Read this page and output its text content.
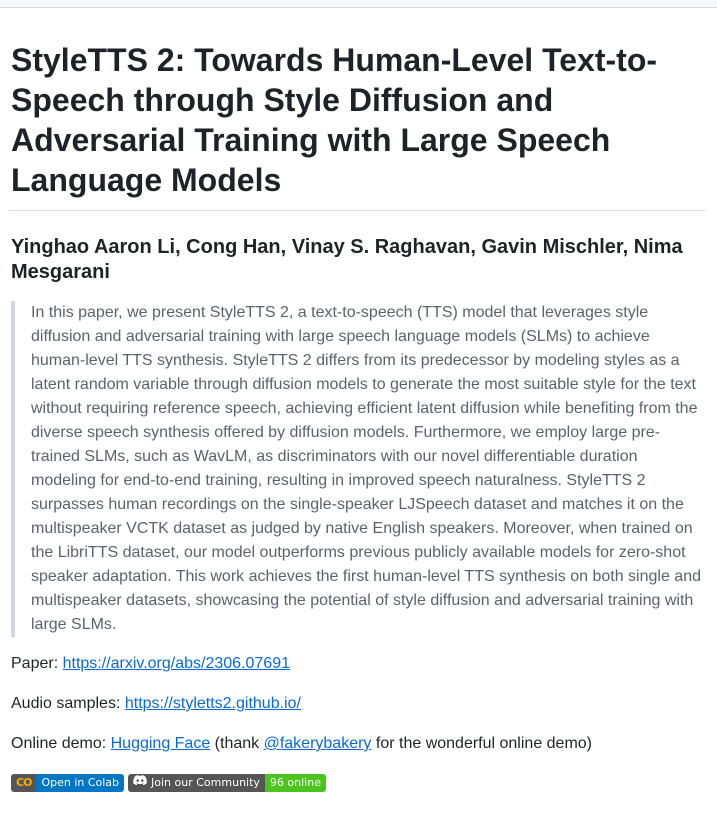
StyleTTS 2: Towards Human-Level Text-to-Speech through Style Diffusion and Adversarial Training with Large Speech Language Models
Yinghao Aaron Li, Cong Han, Vinay S. Raghavan, Gavin Mischler, Nima Mesgarani

In this paper, we present StyleTTS 2, a text-to-speech (TTS) model that leverages style diffusion and adversarial training with large speech language models (SLMs) to achieve human-level TTS synthesis. StyleTTS 2 differs from its predecessor by modeling styles as a latent random variable through diffusion models to generate the most suitable style for the text without requiring reference speech, achieving efficient latent diffusion while benefiting from the diverse speech synthesis offered by diffusion models. Furthermore, we employ large pre-trained SLMs, such as WavLM, as discriminators with our novel differentiable duration modeling for end-to-end training, resulting in improved speech naturalness. StyleTTS 2 surpasses human recordings on the single-speaker LJSpeech dataset and matches it on the multispeaker VCTK dataset as judged by native English speakers. Moreover, when trained on the LibriTTS dataset, our model outperforms previous publicly available models for zero-shot speaker adaptation. This work achieves the first human-level TTS synthesis on both single and multispeaker datasets, showcasing the potential of style diffusion and adversarial training with large SLMs.

Paper: https://arxiv.org/abs/2306.07691
Audio samples: https://styletts2.github.io/
Online demo: Hugging Face (thank @fakerybakery for the wonderful online demo)
CO Open in Colab	Join our Community 96 online
